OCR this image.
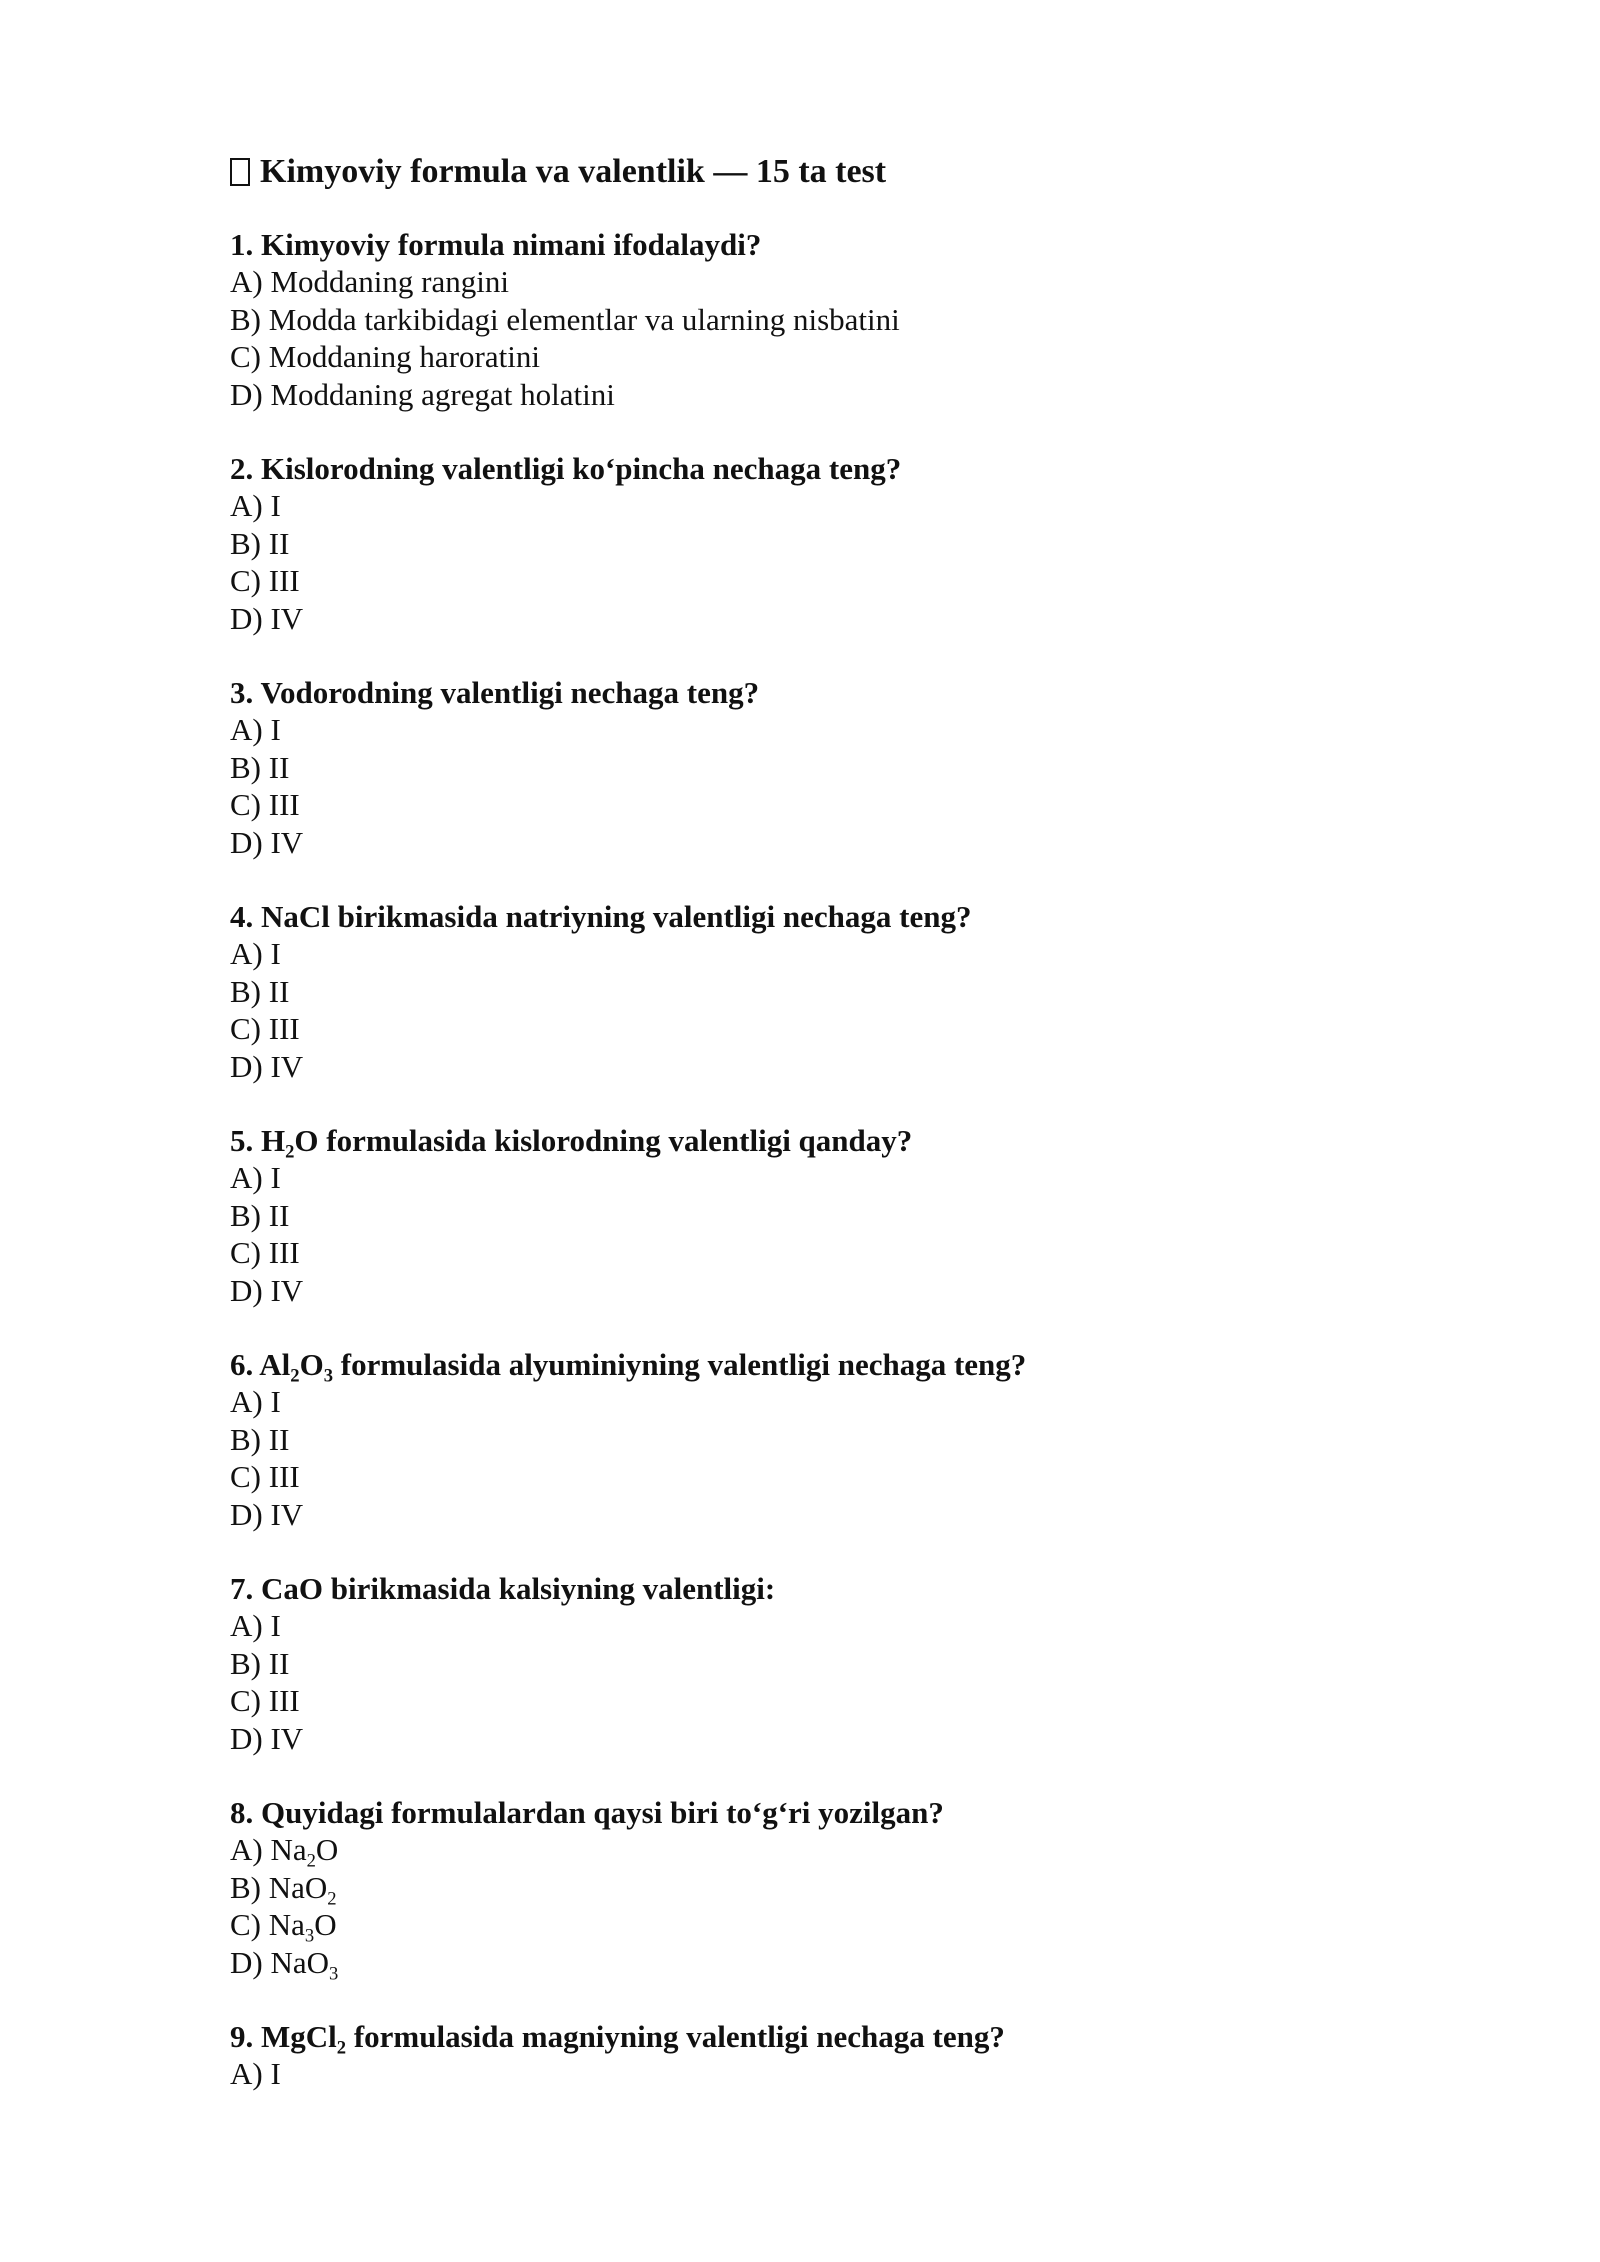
Kimyoviy formula va valentlik — 15 ta test

1. Kimyoviy formula nimani ifodalaydi?

A) Moddaning rangini

B) Modda tarkibidagi elementlar va ularning nisbatini

C) Moddaning haroratini

D) Moddaning agregat holatini

2. Kislorodning valentligi ko‘pincha nechaga teng?

A) I

B) II

C) III

D) IV

3. Vodorodning valentligi nechaga teng?

A) I

B) II

C) III

D) IV

4. NaCl birikmasida natriyning valentligi nechaga teng?

A) I

B) II

C) III

D) IV

5. $H_2O$ formulasida kislorodning valentligi qanday?

A) I

B) II

C) III

D) IV

6. $Al_2O_3$ formulasida alyuminiyning valentligi nechaga teng?

A) I

B) II

C) III

D) IV

7. CaO birikmasida kalsiyning valentligi:

A) I

B) II

C) III

D) IV

8. Quyidagi formulalardan qaysi biri to‘g‘ri yozilgan?

A) $Na_2O$

B) NaO$_2$

C) $Na_3O$

D) NaO$_3$

9. MgCl$_2$ formulasida magniyning valentligi nechaga teng?

A) I
